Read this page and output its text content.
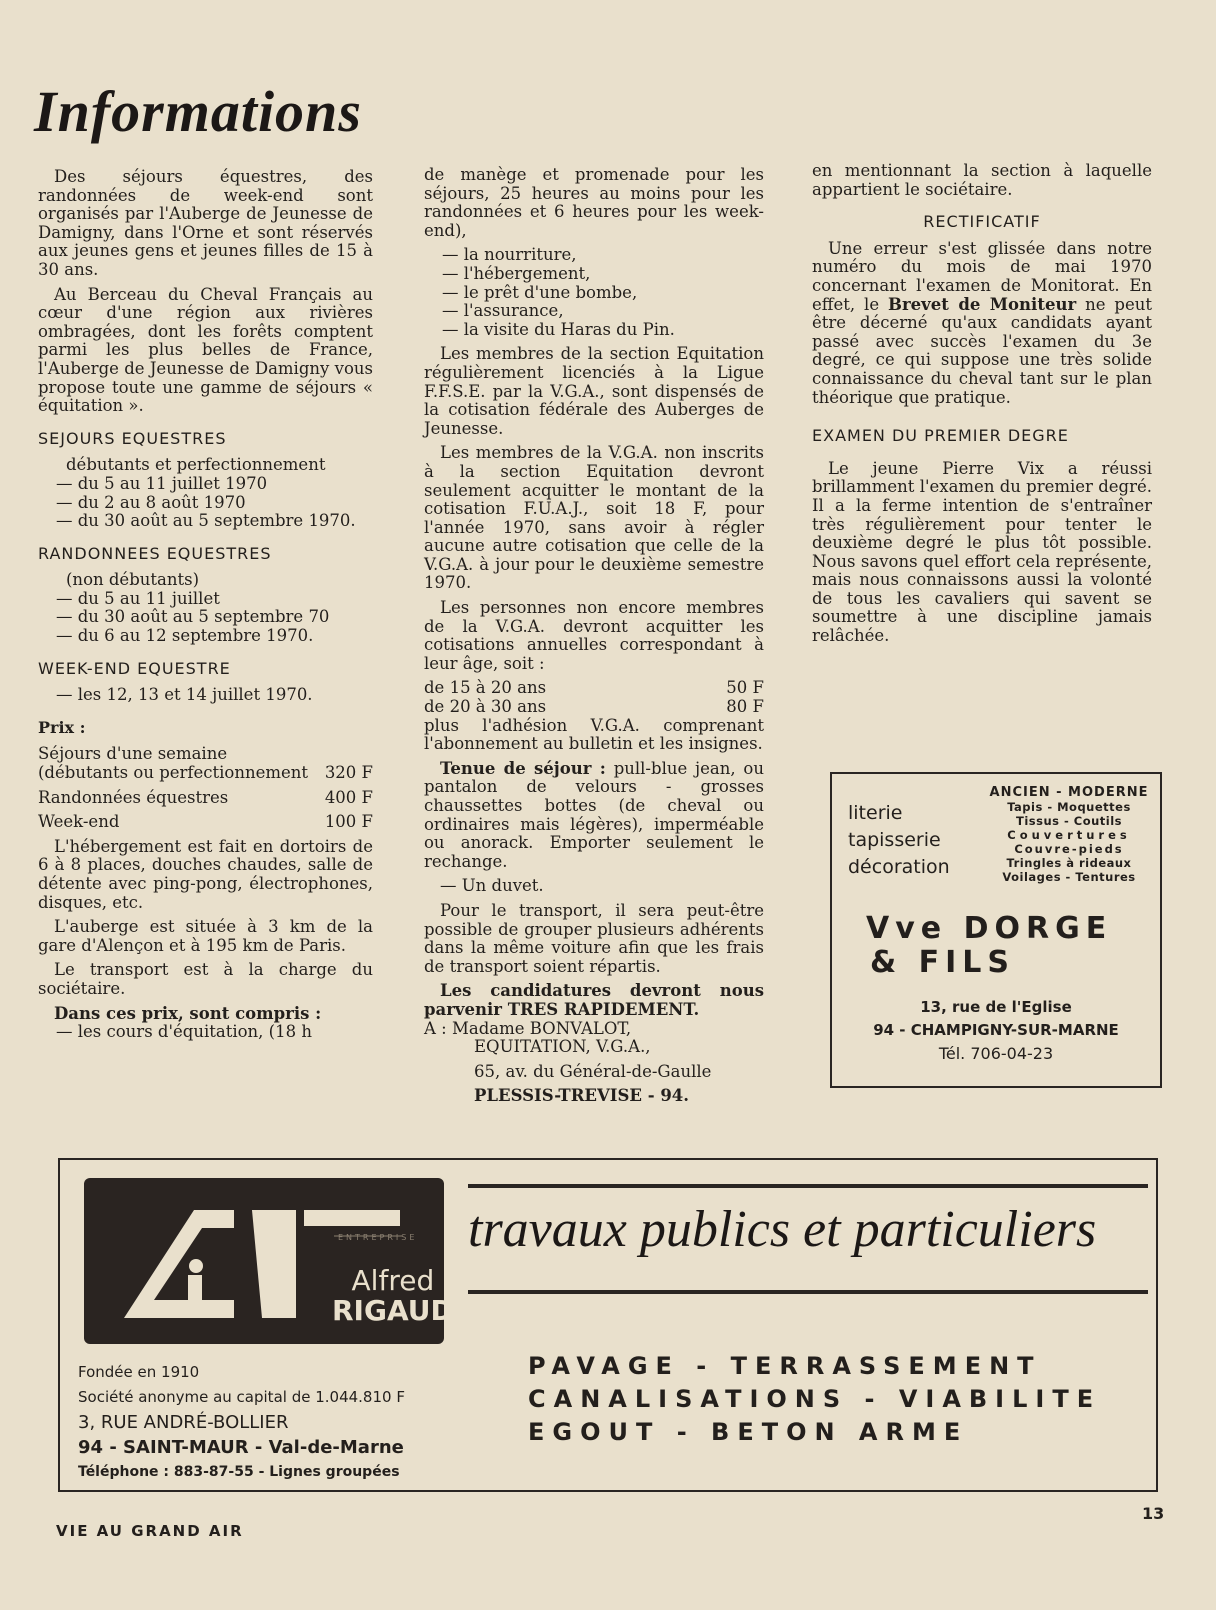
Informations

Des séjours équestres, des randonnées de week-end sont organisés par l'Auberge de Jeunesse de Damigny, dans l'Orne et sont réservés aux jeunes gens et jeunes filles de 15 à 30 ans.

Au Berceau du Cheval Français au cœur d'une région aux rivières ombragées, dont les forêts comptent parmi les plus belles de France, l'Auberge de Jeunesse de Damigny vous propose toute une gamme de séjours « équitation ».

SEJOURS EQUESTRES

débutants et perfectionnement

— du 5 au 11 juillet 1970

— du 2 au 8 août 1970

— du 30 août au 5 septembre 1970.

RANDONNEES EQUESTRES

(non débutants)

— du 5 au 11 juillet

— du 30 août au 5 septembre 70

— du 6 au 12 septembre 1970.

WEEK-END EQUESTRE

— les 12, 13 et 14 juillet 1970.

Prix :
Séjours d'une semaine (débutants ou perfectionnement	320 F
Randonnées équestres	400 F
Week-end	100 F

L'hébergement est fait en dortoirs de 6 à 8 places, douches chaudes, salle de détente avec ping-pong, électrophones, disques, etc.

L'auberge est située à 3 km de la gare d'Alençon et à 195 km de Paris.

Le transport est à la charge du sociétaire.

Dans ces prix, sont compris :

— les cours d'équitation, (18 h

de manège et promenade pour les séjours, 25 heures au moins pour les randonnées et 6 heures pour les week-end),

— la nourriture,

— l'hébergement,

— le prêt d'une bombe,

— l'assurance,

— la visite du Haras du Pin.

Les membres de la section Equitation régulièrement licenciés à la Ligue F.F.S.E. par la V.G.A., sont dispensés de la cotisation fédérale des Auberges de Jeunesse.

Les membres de la V.G.A. non inscrits à la section Equitation devront seulement acquitter le montant de la cotisation F.U.A.J., soit 18 F, pour l'année 1970, sans avoir à régler aucune autre cotisation que celle de la V.G.A. à jour pour le deuxième semestre 1970.

Les personnes non encore membres de la V.G.A. devront acquitter les cotisations annuelles correspondant à leur âge, soit :

de 15 à 20 ans	50 F
de 20 à 30 ans	80 F

plus l'adhésion V.G.A. comprenant l'abonnement au bulletin et les insignes.

Tenue de séjour : pull-blue jean, ou pantalon de velours - grosses chaussettes bottes (de cheval ou ordinaires mais légères), imperméable ou anorack. Emporter seulement le rechange.

— Un duvet.

Pour le transport, il sera peut-être possible de grouper plusieurs adhérents dans la même voiture afin que les frais de transport soient répartis.

Les candidatures devront nous parvenir TRES RAPIDEMENT.

A : Madame BONVALOT,

EQUITATION, V.G.A.,

65, av. du Général-de-Gaulle

PLESSIS-TREVISE - 94.

en mentionnant la section à laquelle appartient le sociétaire.

RECTIFICATIF

Une erreur s'est glissée dans notre numéro du mois de mai 1970 concernant l'examen de Monitorat. En effet, le Brevet de Moniteur ne peut être décerné qu'aux candidats ayant passé avec succès l'examen du 3e degré, ce qui suppose une très solide connaissance du cheval tant sur le plan théorique que pratique.

EXAMEN DU PREMIER DEGRE

Le jeune Pierre Vix a réussi brillamment l'examen du premier degré. Il a la ferme intention de s'entraîner très régulièrement pour tenter le deuxième degré le plus tôt possible. Nous savons quel effort cela représente, mais nous connaissons aussi la volonté de tous les cavaliers qui savent se soumettre à une discipline jamais relâchée.

literie
tapisserie
décoration
ANCIEN - MODERNE
Tapis - Moquettes
Tissus - Coutils
Couvertures
Couvre-pieds
Tringles à rideaux
Voilages - Tentures
Vve DORGE
& FILS
13, rue de l'Eglise
94 - CHAMPIGNY-SUR-MARNE
Tél. 706-04-23
ENTREPRISE
Alfred
RIGAUD
travaux publics et particuliers
Fondée en 1910
Société anonyme au capital de 1.044.810 F
3, RUE ANDRÉ-BOLLIER
94 - SAINT-MAUR - Val-de-Marne
Téléphone : 883-87-55 - Lignes groupées
PAVAGE - TERRASSEMENT
CANALISATIONS - VIABILITE
EGOUT - BETON ARME
VIE AU GRAND AIR
13
